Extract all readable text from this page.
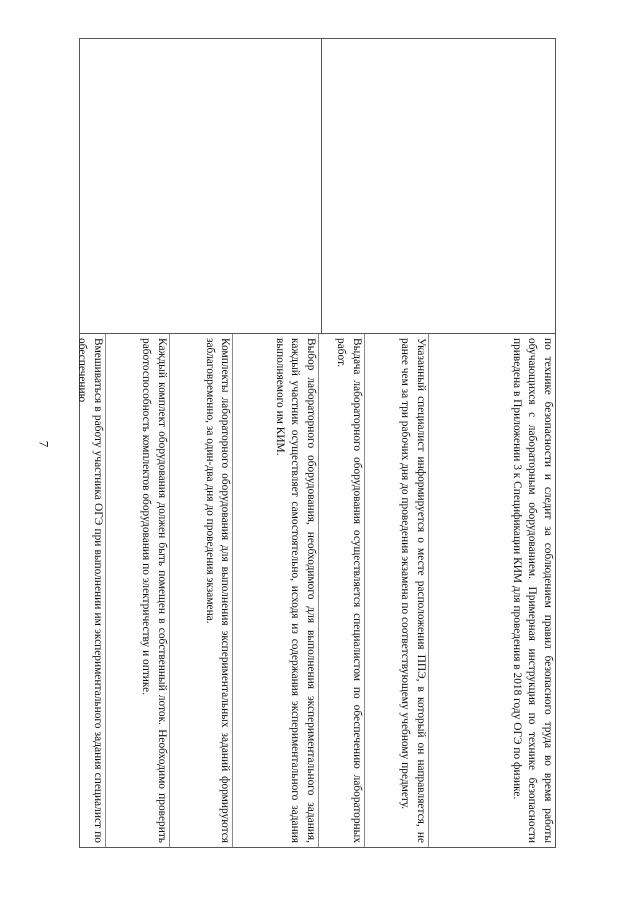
7	по технике безопасности и следит за соблюдением правил безопасного труда во время работы обучающихся с лабораторным оборудованием. Примерная инструкция по технике безопасности приведена в Приложении 3 к Спецификации КИМ для проведения в 2018 году ОГЭ по физике.

Указанный специалист информируется о месте расположения ППЭ, в который он направляется, не ранее чем за три рабочих дня до проведения экзамена по соответствующему учебному предмету.

Выдача лабораторного оборудования осуществляется специалистом по обеспечению лабораторных работ.

Выбор лабораторного оборудования, необходимого для выполнения экспериментального задания, каждый участник осуществляет самостоятельно, исходя из содержания экспериментального задания выполняемого им КИМ.

Комплекты лабораторного оборудования для выполнения экспериментальных заданий формируются заблаговременно, за один-два дня до проведения экзамена.

Каждый комплект оборудования должен быть помещен в собственный лоток. Необходимо проверить работоспособность комплектов оборудования по электричеству и оптике.

Вмешиваться в работу участника ОГЭ при выполнении им экспериментального задания специалист по обеспечению
